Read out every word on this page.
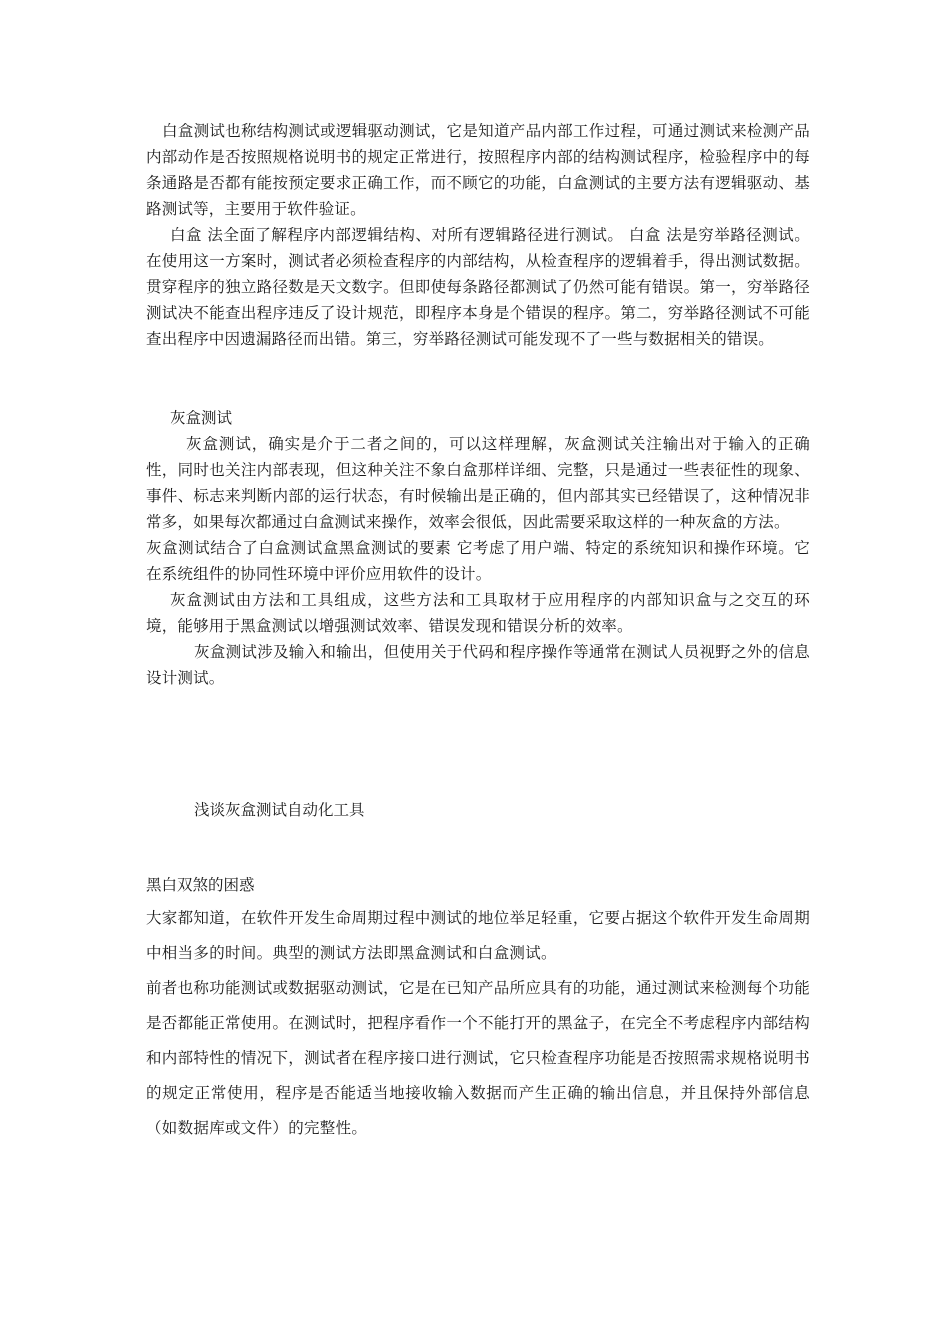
白盒测试也称结构测试或逻辑驱动测试，它是知道产品内部工作过程，可通过测试来检测产品内部动作是否按照规格说明书的规定正常进行，按照程序内部的结构测试程序，检验程序中的每条通路是否都有能按预定要求正确工作，而不顾它的功能，白盒测试的主要方法有逻辑驱动、基路测试等，主要用于软件验证。

白盒 法全面了解程序内部逻辑结构、对所有逻辑路径进行测试。 白盒 法是穷举路径测试。在使用这一方案时，测试者必须检查程序的内部结构，从检查程序的逻辑着手，得出测试数据。贯穿程序的独立路径数是天文数字。但即使每条路径都测试了仍然可能有错误。第一，穷举路径测试决不能查出程序违反了设计规范，即程序本身是个错误的程序。第二，穷举路径测试不可能查出程序中因遗漏路径而出错。第三，穷举路径测试可能发现不了一些与数据相关的错误。

灰盒测试

灰盒测试，确实是介于二者之间的，可以这样理解，灰盒测试关注输出对于输入的正确性，同时也关注内部表现，但这种关注不象白盒那样详细、完整，只是通过一些表征性的现象、事件、标志来判断内部的运行状态，有时候输出是正确的，但内部其实已经错误了，这种情况非常多，如果每次都通过白盒测试来操作，效率会很低，因此需要采取这样的一种灰盒的方法。

灰盒测试结合了白盒测试盒黑盒测试的要素 它考虑了用户端、特定的系统知识和操作环境。它在系统组件的协同性环境中评价应用软件的设计。

灰盒测试由方法和工具组成，这些方法和工具取材于应用程序的内部知识盒与之交互的环境，能够用于黑盒测试以增强测试效率、错误发现和错误分析的效率。

灰盒测试涉及输入和输出，但使用关于代码和程序操作等通常在测试人员视野之外的信息设计测试。

浅谈灰盒测试自动化工具

黑白双煞的困惑

大家都知道，在软件开发生命周期过程中测试的地位举足轻重，它要占据这个软件开发生命周期中相当多的时间。典型的测试方法即黑盒测试和白盒测试。

前者也称功能测试或数据驱动测试，它是在已知产品所应具有的功能，通过测试来检测每个功能是否都能正常使用。在测试时，把程序看作一个不能打开的黑盆子，在完全不考虑程序内部结构和内部特性的情况下，测试者在程序接口进行测试，它只检查程序功能是否按照需求规格说明书的规定正常使用，程序是否能适当地接收输入数据而产生正确的输出信息，并且保持外部信息（如数据库或文件）的完整性。
